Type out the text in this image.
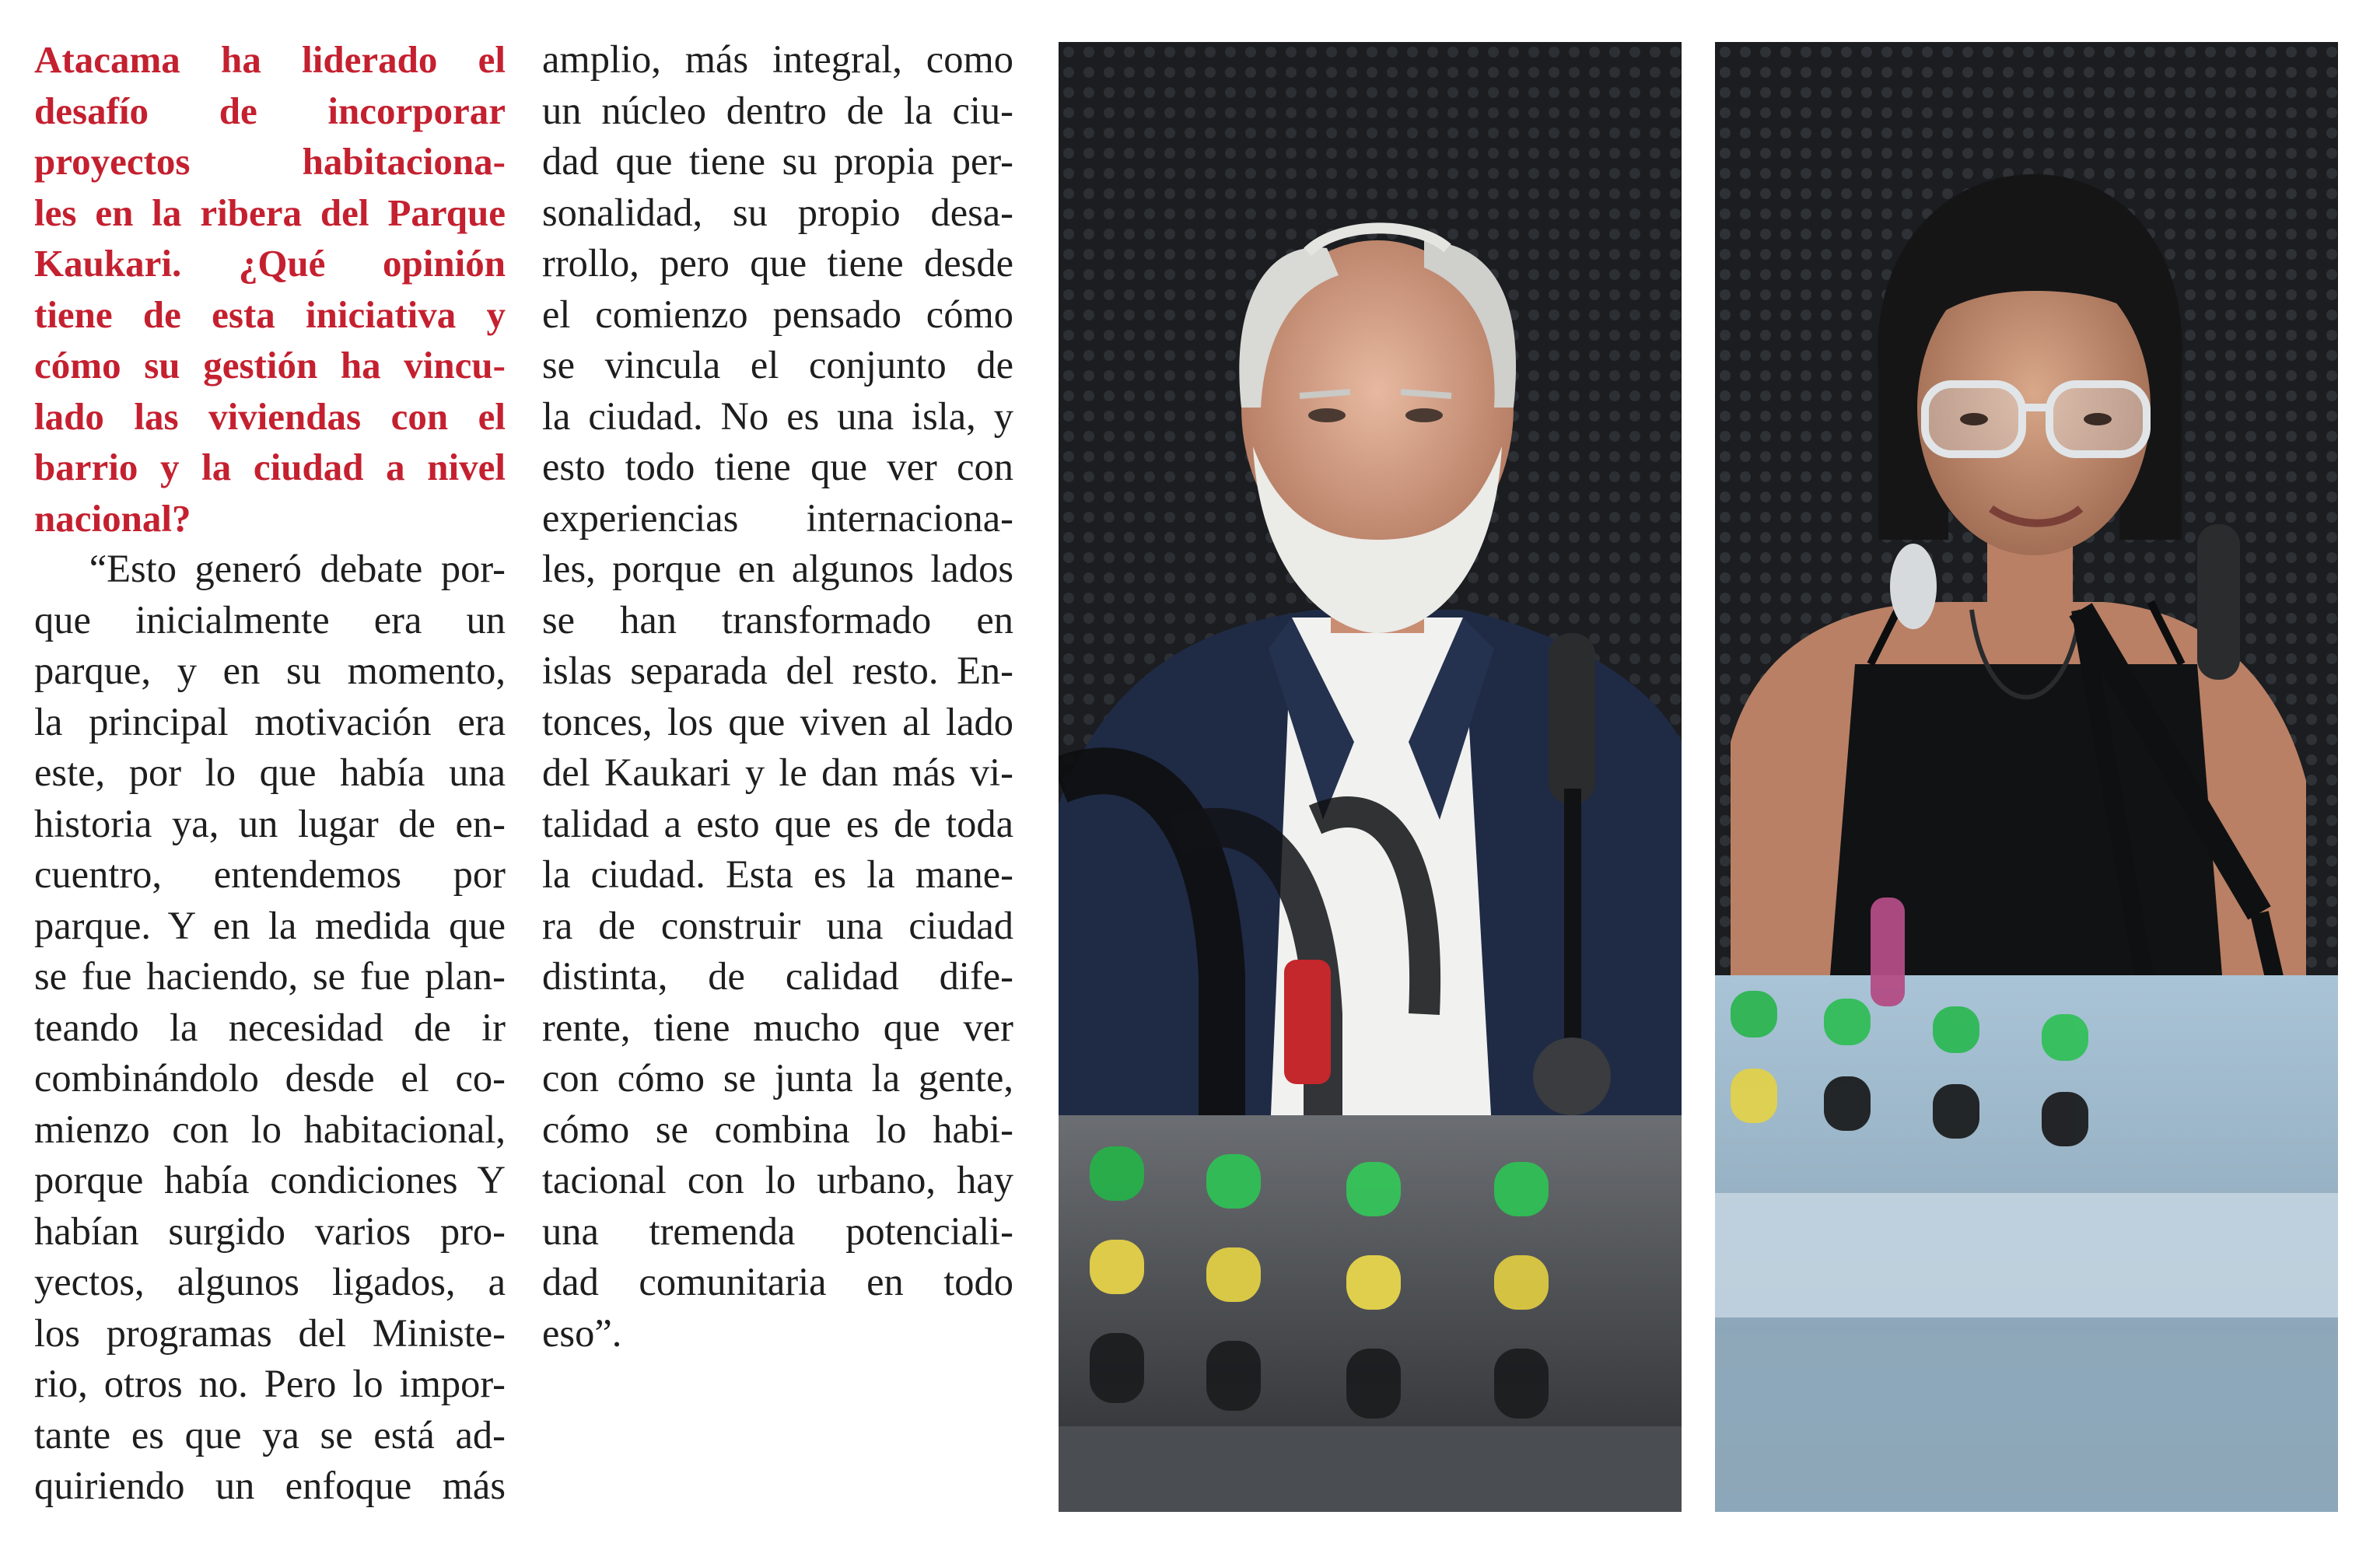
Atacama ha liderado el
desafío de incorporar
proyectos habitaciona-
les en la ribera del Parque
Kaukari. ¿Qué opinión
tiene de esta iniciativa y
cómo su gestión ha vincu-
lado las viviendas con el
barrio y la ciudad a nivel
nacional?
“Esto generó debate por-
que inicialmente era un
parque, y en su momento,
la principal motivación era
este, por lo que había una
historia ya, un lugar de en-
cuentro, entendemos por
parque. Y en la medida que
se fue haciendo, se fue plan-
teando la necesidad de ir
combinándolo desde el co-
mienzo con lo habitacional,
porque había condiciones Y
habían surgido varios pro-
yectos, algunos ligados, a
los programas del Ministe-
rio, otros no. Pero lo impor-
tante es que ya se está ad-
quiriendo un enfoque más
amplio, más integral, como
un núcleo dentro de la ciu-
dad que tiene su propia per-
sonalidad, su propio desa-
rrollo, pero que tiene desde
el comienzo pensado cómo
se vincula el conjunto de
la ciudad. No es una isla, y
esto todo tiene que ver con
experiencias internaciona-
les, porque en algunos lados
se han transformado en
islas separada del resto. En-
tonces, los que viven al lado
del Kaukari y le dan más vi-
talidad a esto que es de toda
la ciudad. Esta es la mane-
ra de construir una ciudad
distinta, de calidad dife-
rente, tiene mucho que ver
con cómo se junta la gente,
cómo se combina lo habi-
tacional con lo urbano, hay
una tremenda potenciali-
dad comunitaria en todo
eso”.
